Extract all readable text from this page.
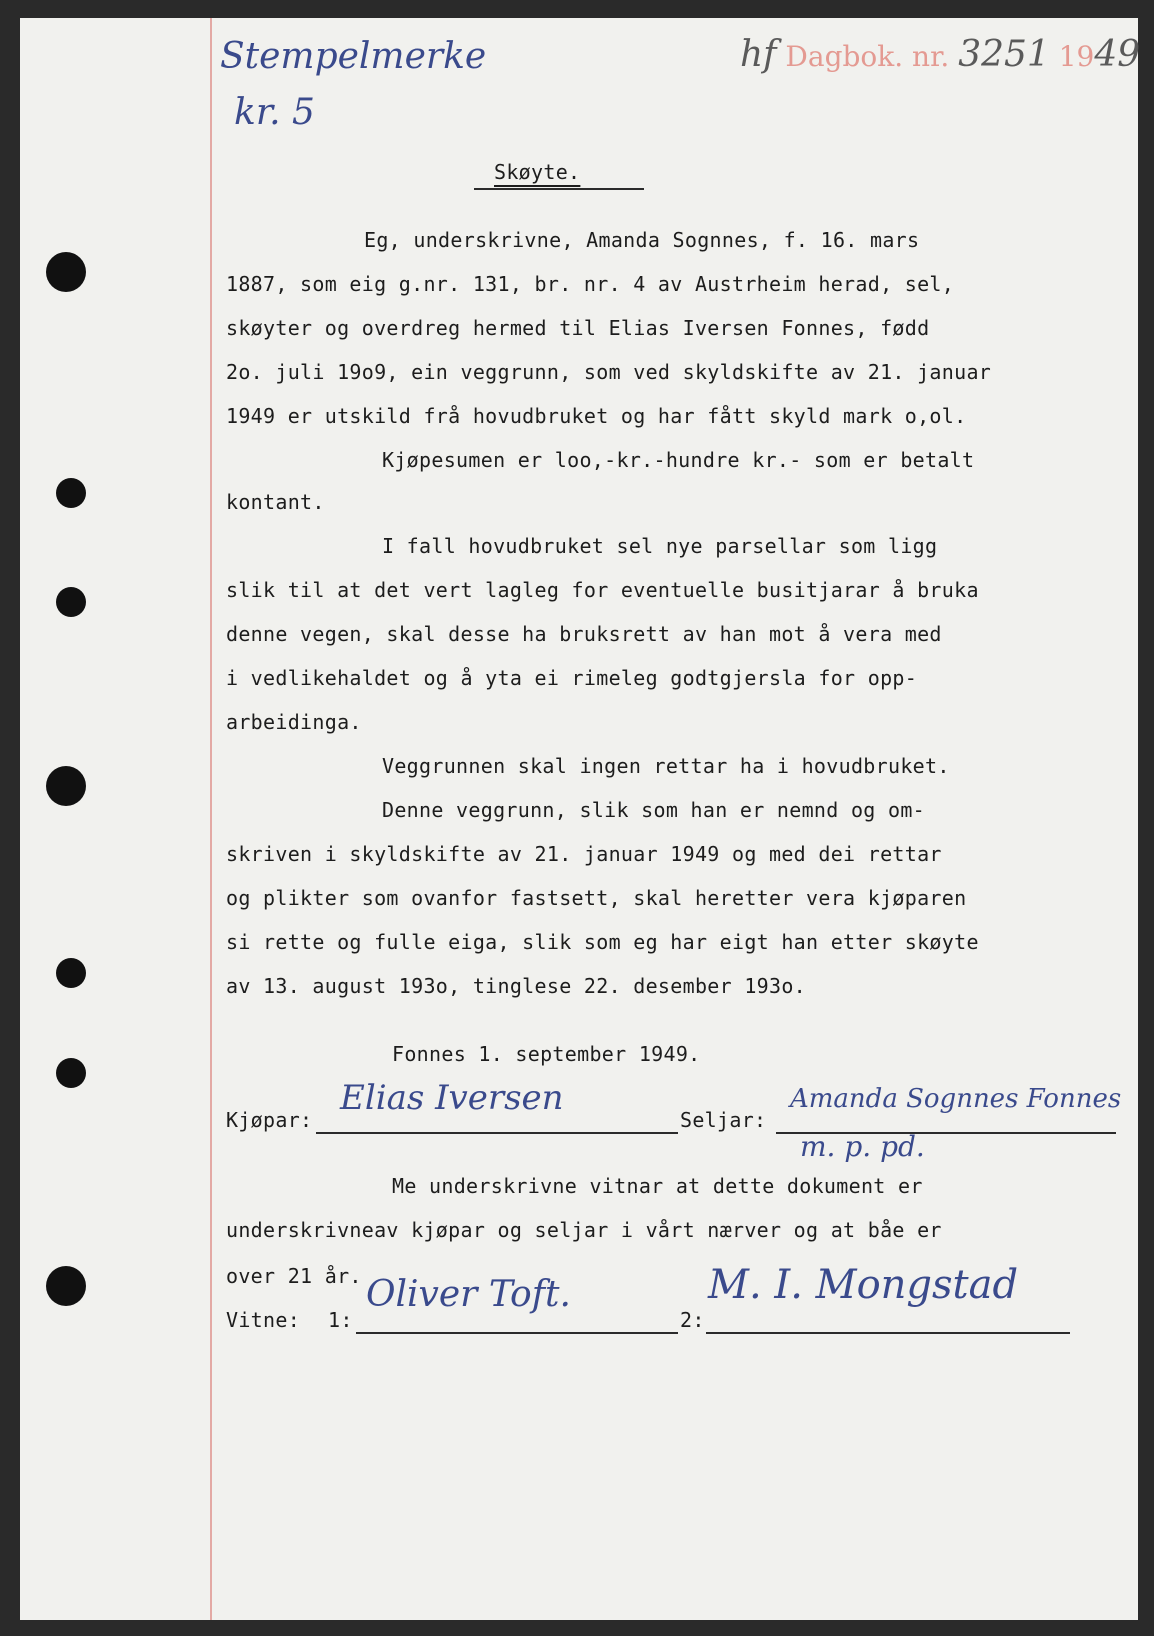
Stempelmerke
kr. 5
hf Dagbok. nr. 3251 1949
Skøyte.
Eg, underskrivne, Amanda Sognnes, f. 16. mars
1887, som eig g.nr. 131, br. nr. 4 av Austrheim herad, sel,
skøyter og overdreg hermed til Elias Iversen Fonnes, fødd
2o. juli 19o9, ein veggrunn, som ved skyldskifte av 21. januar
1949 er utskild frå hovudbruket og har fått skyld mark o,ol.
Kjøpesumen er loo,-kr.-hundre kr.- som er betalt
kontant.
I fall hovudbruket sel nye parsellar som ligg
slik til at det vert lagleg for eventuelle busitjarar å bruka
denne vegen, skal desse ha bruksrett av han mot å vera med
i vedlikehaldet og å yta ei rimeleg godtgjersla for opp-
arbeidinga.
Veggrunnen skal ingen rettar ha i hovudbruket.
Denne veggrunn, slik som han er nemnd og om-
skriven i skyldskifte av 21. januar 1949 og med dei rettar
og plikter som ovanfor fastsett, skal heretter vera kjøparen
si rette og fulle eiga, slik som eg har eigt han etter skøyte
av 13. august 193o, tinglese 22. desember 193o.
Fonnes 1. september 1949.
Kjøpar:
Elias Iversen
Seljar:
Amanda Sognnes Fonnes
m. p. pd.
Me underskrivne vitnar at dette dokument er
underskrivneav kjøpar og seljar i vårt nærver og at båe er
over 21 år.
Vitne: 1:
Oliver Toft.
2:
M. I. Mongstad
